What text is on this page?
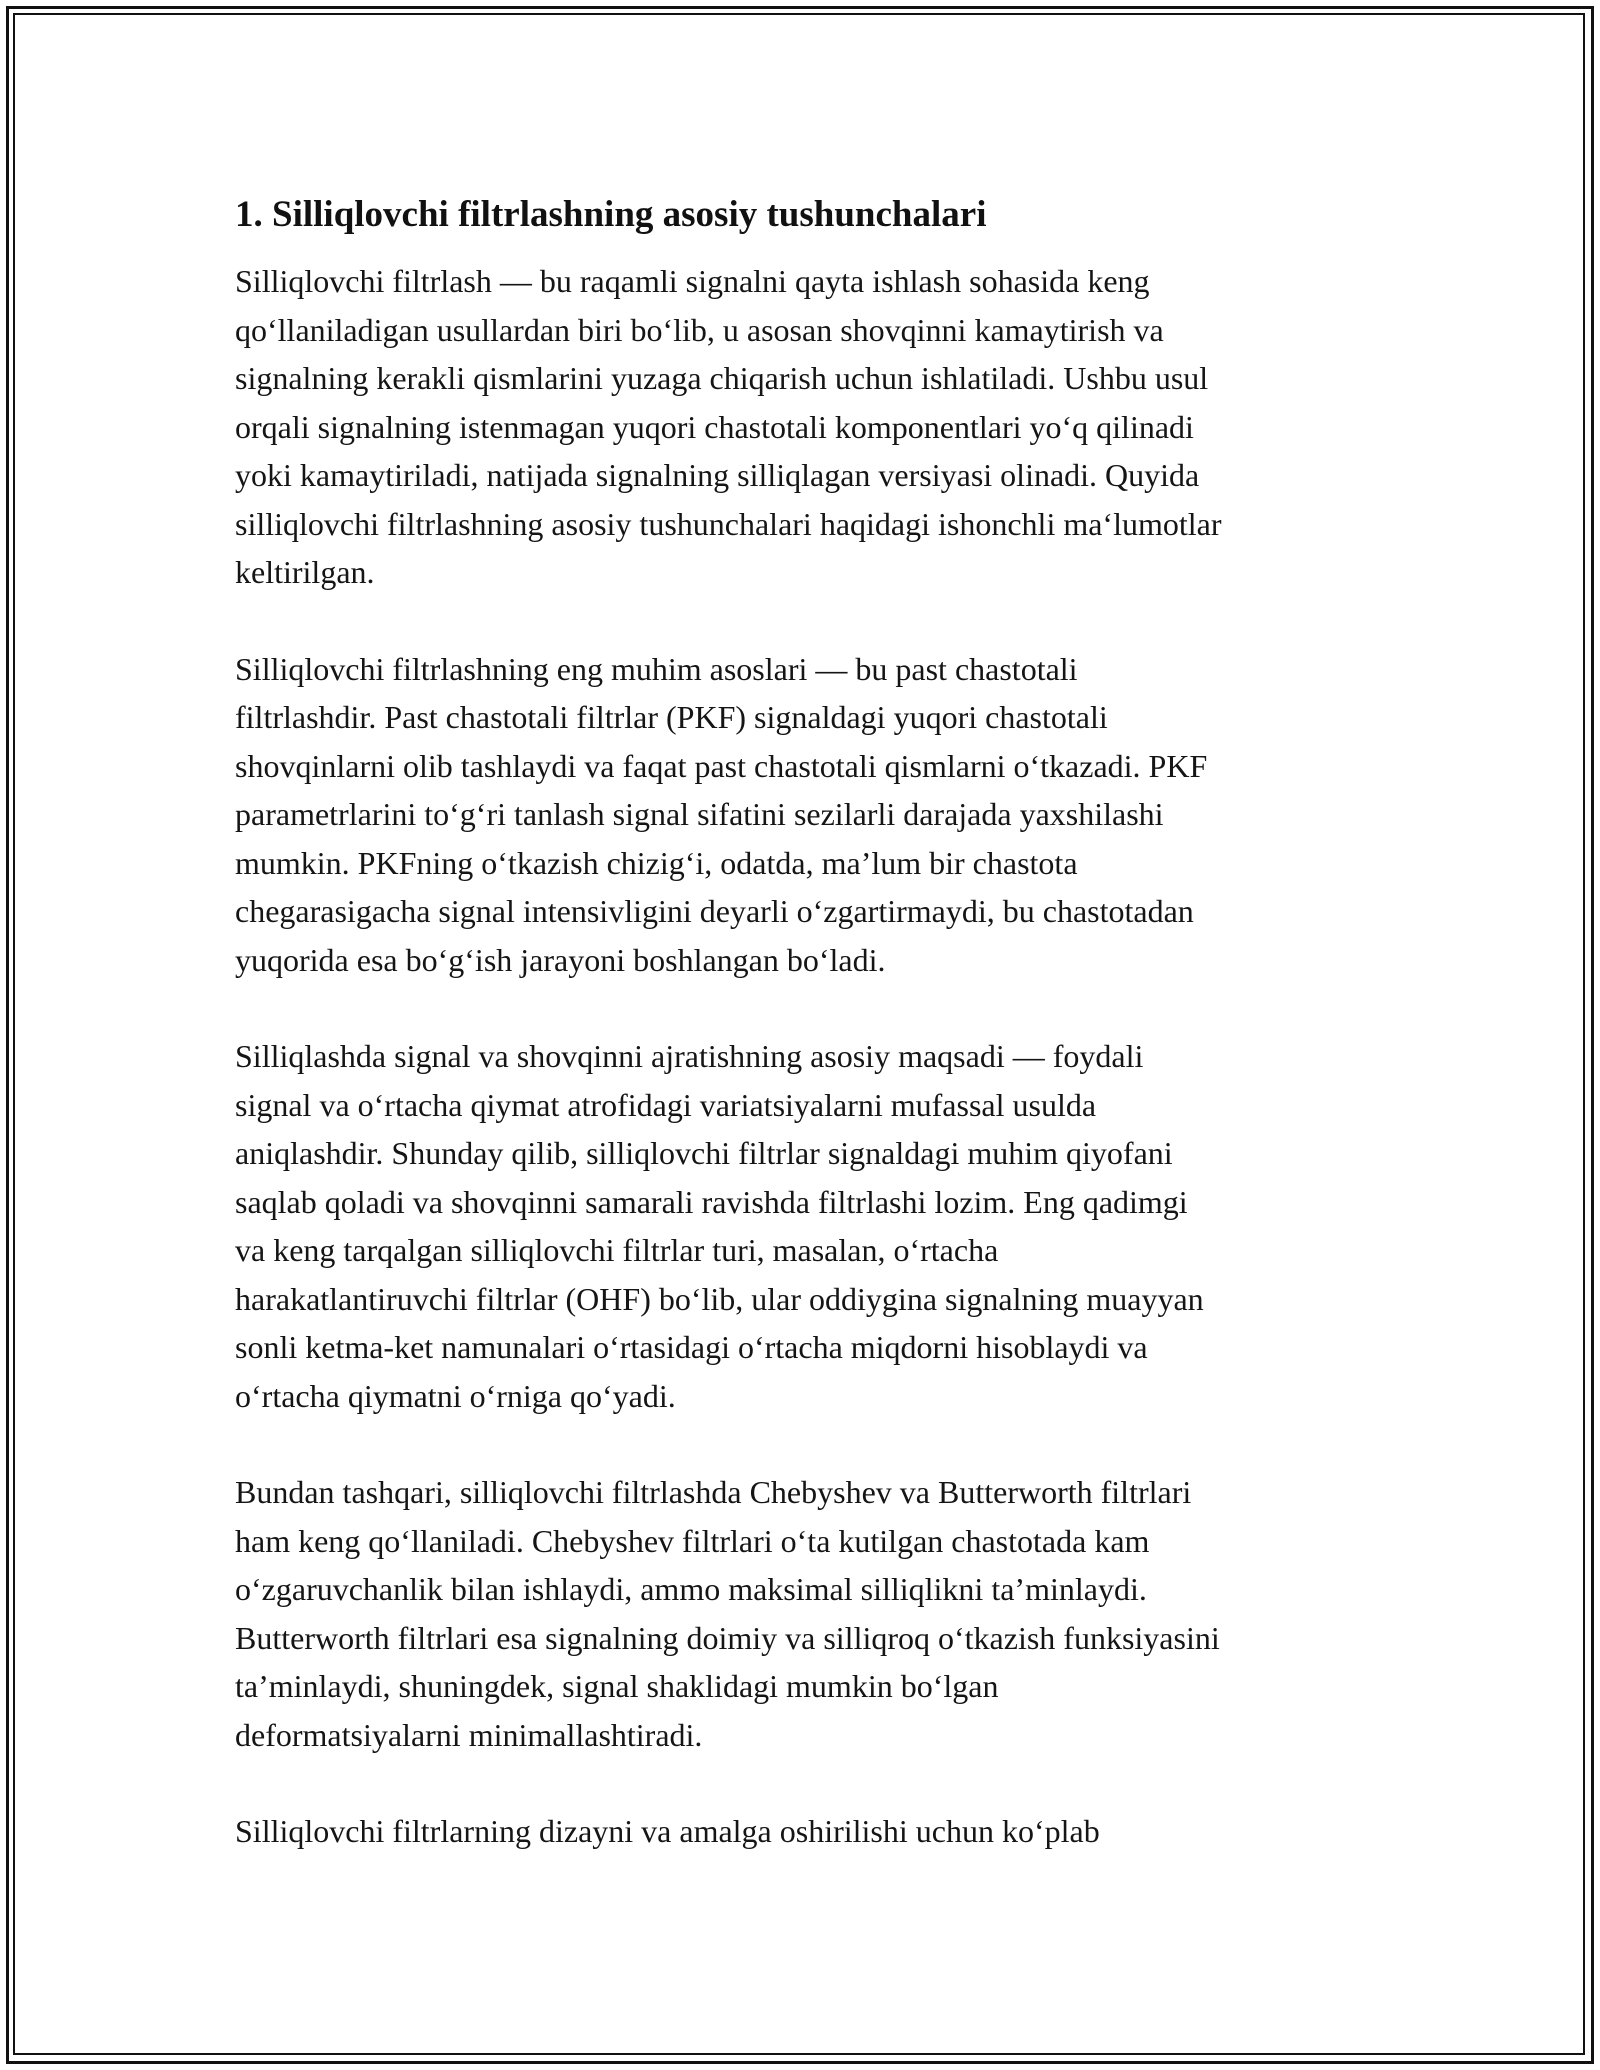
1. Silliqlovchi filtrlashning asosiy tushunchalari

Silliqlovchi filtrlash — bu raqamli signalni qayta ishlash sohasida keng
qo‘llaniladigan usullardan biri bo‘lib, u asosan shovqinni kamaytirish va
signalning kerakli qismlarini yuzaga chiqarish uchun ishlatiladi. Ushbu usul
orqali signalning istenmagan yuqori chastotali komponentlari yo‘q qilinadi
yoki kamaytiriladi, natijada signalning silliqlagan versiyasi olinadi. Quyida
silliqlovchi filtrlashning asosiy tushunchalari haqidagi ishonchli ma‘lumotlar
keltirilgan.

Silliqlovchi filtrlashning eng muhim asoslari — bu past chastotali
filtrlashdir. Past chastotali filtrlar (PKF) signaldagi yuqori chastotali
shovqinlarni olib tashlaydi va faqat past chastotali qismlarni o‘tkazadi. PKF
parametrlarini to‘g‘ri tanlash signal sifatini sezilarli darajada yaxshilashi
mumkin. PKFning o‘tkazish chizig‘i, odatda, ma’lum bir chastota
chegarasigacha signal intensivligini deyarli o‘zgartirmaydi, bu chastotadan
yuqorida esa bo‘g‘ish jarayoni boshlangan bo‘ladi.

Silliqlashda signal va shovqinni ajratishning asosiy maqsadi — foydali
signal va o‘rtacha qiymat atrofidagi variatsiyalarni mufassal usulda
aniqlashdir. Shunday qilib, silliqlovchi filtrlar signaldagi muhim qiyofani
saqlab qoladi va shovqinni samarali ravishda filtrlashi lozim. Eng qadimgi
va keng tarqalgan silliqlovchi filtrlar turi, masalan, o‘rtacha
harakatlantiruvchi filtrlar (OHF) bo‘lib, ular oddiygina signalning muayyan
sonli ketma-ket namunalari o‘rtasidagi o‘rtacha miqdorni hisoblaydi va
o‘rtacha qiymatni o‘rniga qo‘yadi.

Bundan tashqari, silliqlovchi filtrlashda Chebyshev va Butterworth filtrlari
ham keng qo‘llaniladi. Chebyshev filtrlari o‘ta kutilgan chastotada kam
o‘zgaruvchanlik bilan ishlaydi, ammo maksimal silliqlikni ta’minlaydi.
Butterworth filtrlari esa signalning doimiy va silliqroq o‘tkazish funksiyasini
ta’minlaydi, shuningdek, signal shaklidagi mumkin bo‘lgan
deformatsiyalarni minimallashtiradi.

Silliqlovchi filtrlarning dizayni va amalga oshirilishi uchun ko‘plab
